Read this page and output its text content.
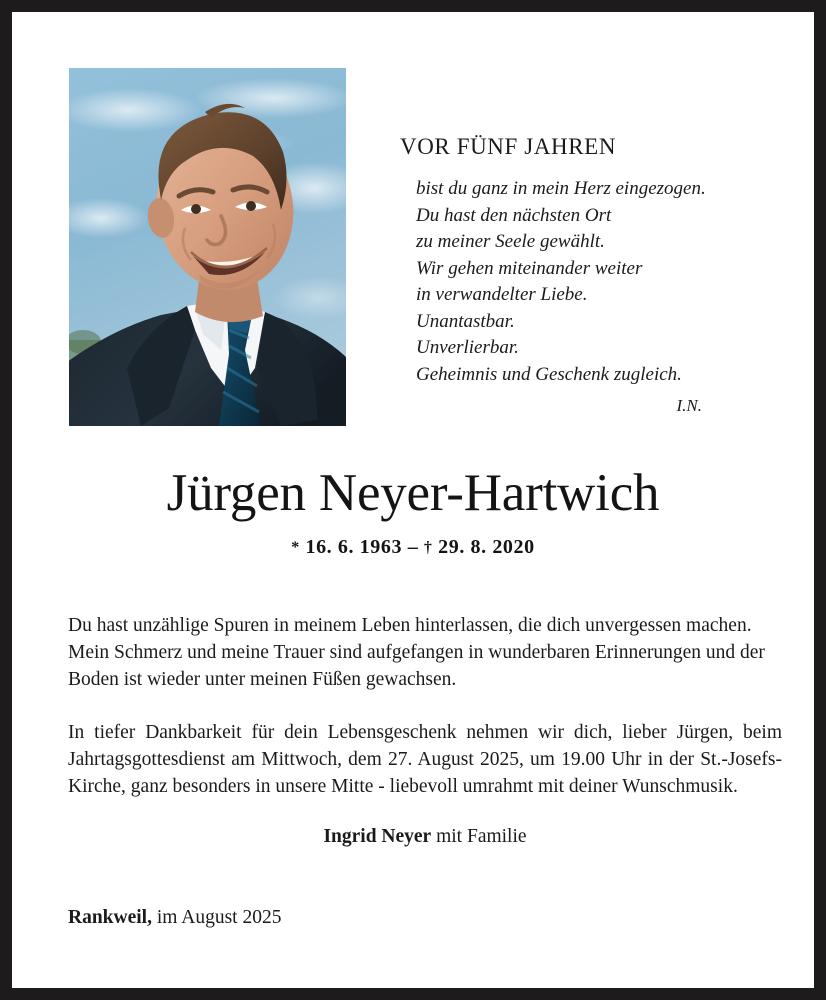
VOR FÜNF JAHREN
bist du ganz in mein Herz eingezogen.
Du hast den nächsten Ort
zu meiner Seele gewählt.
Wir gehen miteinander weiter
in verwandelter Liebe.
Unantastbar.
Unverlierbar.
Geheimnis und Geschenk zugleich.
I.N.
Jürgen Neyer-Hartwich
* 16. 6. 1963 – † 29. 8. 2020

Du hast unzählige Spuren in meinem Leben hinterlassen, die dich unvergessen machen. Mein Schmerz und meine Trauer sind aufgefangen in wunderbaren Erinnerungen und der Boden ist wieder unter meinen Füßen gewachsen.

In tiefer Dankbarkeit für dein Lebensgeschenk nehmen wir dich, lieber Jürgen, beim Jahrtagsgottesdienst am Mittwoch, dem 27. August 2025, um 19.00 Uhr in der St.-Josefs-Kirche, ganz besonders in unsere Mitte - liebevoll umrahmt mit deiner Wunschmusik.

Ingrid Neyer mit Familie

Rankweil, im August 2025
